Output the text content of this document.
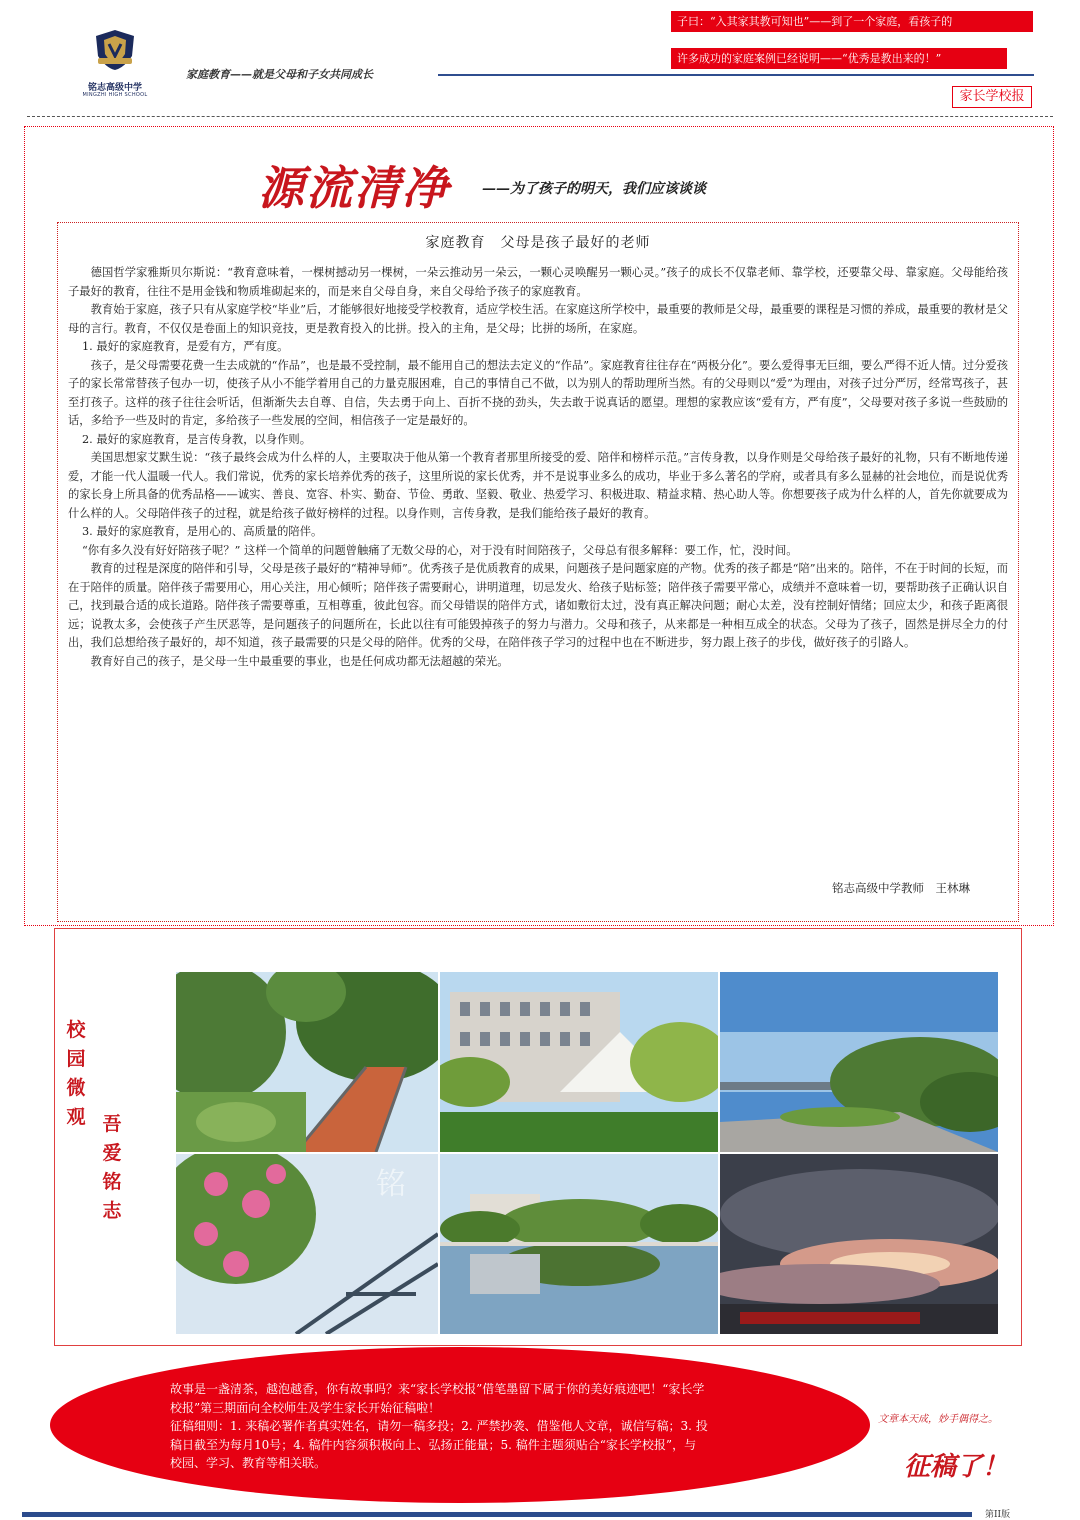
铭志高级中学
MINGZHI HIGH SCHOOL
家庭教育——就是父母和子女共同成长
子曰：“入其家其教可知也”——到了一个家庭，看孩子的
许多成功的家庭案例已经说明——“优秀是教出来的！”
家长学校报
源流清净 ——为了孩子的明天，我们应该谈谈
家庭教育　父母是孩子最好的老师

德国哲学家雅斯贝尔斯说：“教育意味着，一棵树撼动另一棵树，一朵云推动另一朵云，一颗心灵唤醒另一颗心灵。”孩子的成长不仅靠老师、靠学校，还要靠父母、靠家庭。父母能给孩子最好的教育，往往不是用金钱和物质堆砌起来的，而是来自父母自身，来自父母给予孩子的家庭教育。

教育始于家庭，孩子只有从家庭学校“毕业”后，才能够很好地接受学校教育，适应学校生活。在家庭这所学校中，最重要的教师是父母，最重要的课程是习惯的养成，最重要的教材是父母的言行。教育，不仅仅是卷面上的知识竞技，更是教育投入的比拼。投入的主角，是父母；比拼的场所，在家庭。

1. 最好的家庭教育，是爱有方，严有度。

孩子，是父母需要花费一生去成就的“作品”，也是最不受控制，最不能用自己的想法去定义的“作品”。家庭教育往往存在“两极分化”。要么爱得事无巨细，要么严得不近人情。过分爱孩子的家长常常替孩子包办一切，使孩子从小不能学着用自己的力量克服困难，自己的事情自己不做，以为别人的帮助理所当然。有的父母则以“爱”为理由，对孩子过分严厉，经常骂孩子，甚至打孩子。这样的孩子往往会听话，但渐渐失去自尊、自信，失去勇于向上、百折不挠的劲头，失去敢于说真话的愿望。理想的家教应该“爱有方，严有度”，父母要对孩子多说一些鼓励的话，多给予一些及时的肯定，多给孩子一些发展的空间，相信孩子一定是最好的。

2. 最好的家庭教育，是言传身教，以身作则。

美国思想家艾默生说：“孩子最终会成为什么样的人，主要取决于他从第一个教育者那里所接受的爱、陪伴和榜样示范。”言传身教，以身作则是父母给孩子最好的礼物，只有不断地传递爱，才能一代人温暖一代人。我们常说，优秀的家长培养优秀的孩子，这里所说的家长优秀，并不是说事业多么的成功，毕业于多么著名的学府，或者具有多么显赫的社会地位，而是说优秀的家长身上所具备的优秀品格——诚实、善良、宽容、朴实、勤奋、节俭、勇敢、坚毅、敬业、热爱学习、积极进取、精益求精、热心助人等。你想要孩子成为什么样的人，首先你就要成为什么样的人。父母陪伴孩子的过程，就是给孩子做好榜样的过程。以身作则，言传身教，是我们能给孩子最好的教育。

3. 最好的家庭教育，是用心的、高质量的陪伴。

“你有多久没有好好陪孩子呢？” 这样一个简单的问题曾触痛了无数父母的心，对于没有时间陪孩子，父母总有很多解释：要工作，忙，没时间。

教育的过程是深度的陪伴和引导，父母是孩子最好的“精神导师”。优秀孩子是优质教育的成果，问题孩子是问题家庭的产物。优秀的孩子都是“陪”出来的。陪伴，不在于时间的长短，而在于陪伴的质量。陪伴孩子需要用心，用心关注，用心倾听；陪伴孩子需要耐心，讲明道理，切忌发火、给孩子贴标签；陪伴孩子需要平常心，成绩并不意味着一切，要帮助孩子正确认识自己，找到最合适的成长道路。陪伴孩子需要尊重，互相尊重，彼此包容。而父母错误的陪伴方式，诸如敷衍太过，没有真正解决问题；耐心太差，没有控制好情绪；回应太少，和孩子距离很远；说教太多，会使孩子产生厌恶等，是问题孩子的问题所在，长此以往有可能毁掉孩子的努力与潜力。父母和孩子，从来都是一种相互成全的状态。父母为了孩子，固然是拼尽全力的付出，我们总想给孩子最好的，却不知道，孩子最需要的只是父母的陪伴。优秀的父母，在陪伴孩子学习的过程中也在不断进步，努力跟上孩子的步伐，做好孩子的引路人。

教育好自己的孩子，是父母一生中最重要的事业，也是任何成功都无法超越的荣光。

铭志高级中学教师　王林琳
校园微观 吾爱铭志
铭

故事是一盏清茶，越泡越香，你有故事吗？来“家长学校报”借笔墨留下属于你的美好痕迹吧！“家长学校报”第三期面向全校师生及学生家长开始征稿啦！

征稿细则：1. 来稿必署作者真实姓名，请勿一稿多投；2. 严禁抄袭、借鉴他人文章，诚信写稿；3. 投稿日截至为每月10号；4. 稿件内容须积极向上、弘扬正能量；5. 稿件主题须贴合“家长学校报”，与校园、学习、教育等相关联。

文章本天成，妙手偶得之。
征稿了！
第II版
